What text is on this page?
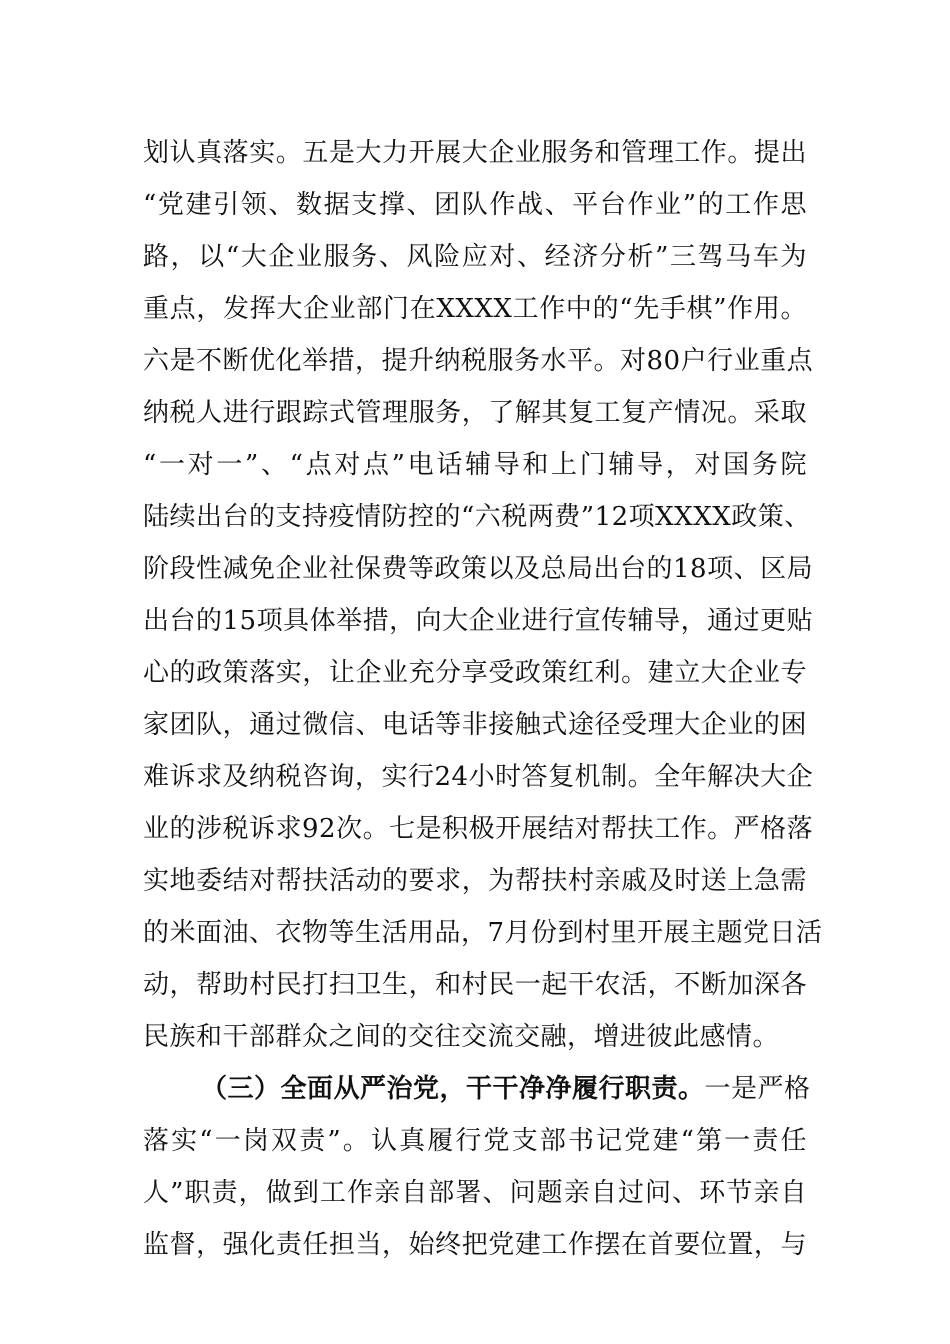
划认真落实。五是大力开展大企业服务和管理工作。提出
“党建引领、数据支撑、团队作战、平台作业”的工作思
路，以“大企业服务、风险应对、经济分析”三驾马车为
重点，发挥大企业部门在XXXX工作中的“先手棋”作用。
六是不断优化举措，提升纳税服务水平。对80户行业重点
纳税人进行跟踪式管理服务，了解其复工复产情况。采取
“一对一”、“点对点”电话辅导和上门辅导，对国务院
陆续出台的支持疫情防控的“六税两费”12项XXXX政策、
阶段性减免企业社保费等政策以及总局出台的18项、区局
出台的15项具体举措，向大企业进行宣传辅导，通过更贴
心的政策落实，让企业充分享受政策红利。建立大企业专
家团队，通过微信、电话等非接触式途径受理大企业的困
难诉求及纳税咨询，实行24小时答复机制。全年解决大企
业的涉税诉求92次。七是积极开展结对帮扶工作。严格落
实地委结对帮扶活动的要求，为帮扶村亲戚及时送上急需
的米面油、衣物等生活用品，7月份到村里开展主题党日活
动，帮助村民打扫卫生，和村民一起干农活，不断加深各
民族和干部群众之间的交往交流交融，增进彼此感情。
（三）全面从严治党，干干净净履行职责。一是严格
落实“一岗双责”。认真履行党支部书记党建“第一责任
人”职责，做到工作亲自部署、问题亲自过问、环节亲自
监督，强化责任担当，始终把党建工作摆在首要位置，与
